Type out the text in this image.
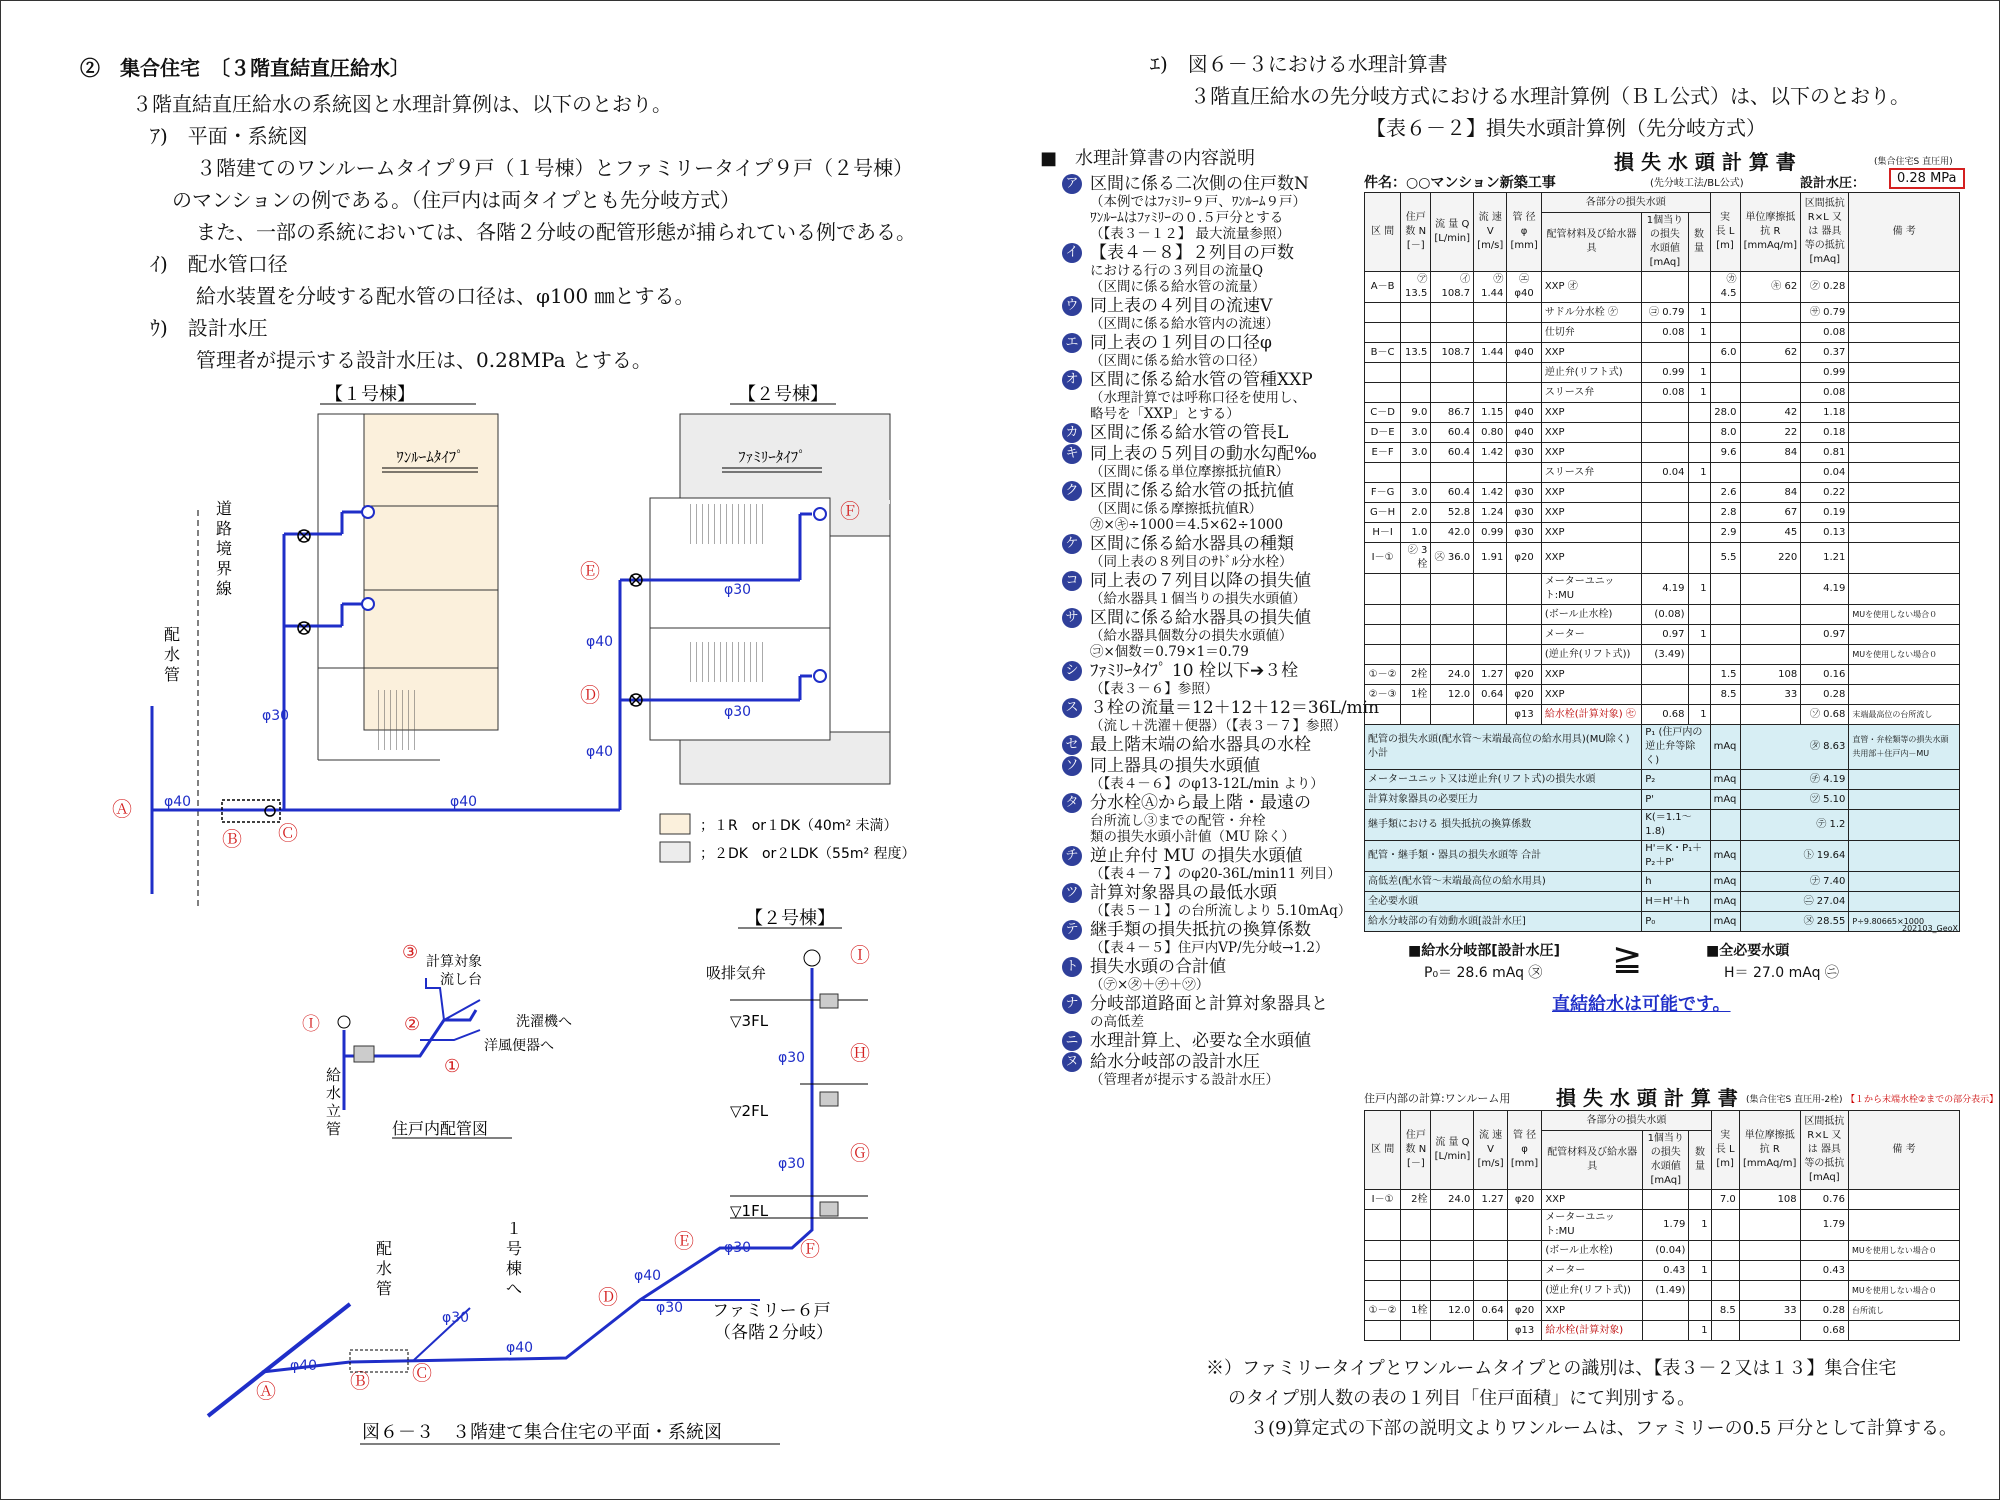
②　集合住宅　〔３階直結直圧給水〕
３階直結直圧給水の系統図と水理計算例は、以下のとおり。
ｱ)　平面・系統図
３階建てのワンルームタイプ９戸（１号棟）とファミリータイプ９戸（２号棟）
のマンションの例である。（住戸内は両タイプとも先分岐方式）
また、一部の系統においては、各階２分岐の配管形態が捕られている例である。
ｲ)　配水管口径
給水装置を分岐する配水管の口径は、φ100 ㎜とする。
ｳ)　設計水圧
管理者が提示する設計水圧は、0.28MPa とする。
【１号棟】
ﾜﾝﾙｰﾑﾀｲﾌﾟ
【２号棟】
ﾌｧﾐﾘｰﾀｲﾌﾟ
道
路
境
界
線
配
水
管
φ40	φ40
φ30
φ40
φ40
φ30
φ30
Ⓐ
Ⓑ Ⓒ
Ⓓ
Ⓔ
Ⓕ
；１R　or１DK（40m² 未満）
；２DK　or２LDK（55m² 程度）
計算対象
流し台
洗濯機へ
洋風便器へ
③
②
①
Ⓘ
給
水
立
管	住戸内配管図
【２号棟】
吸排気弁
▽3FL
▽2FL
▽1FL
φ30
φ30
φ30
φ40
φ30
φ40
φ40
φ30
Ⓘ
Ⓗ
Ⓖ
Ⓕ
Ⓔ
Ⓓ
Ⓒ
Ⓑ
Ⓐ
配
水
管
１
号
棟
へ
ファミリー６戸
（各階２分岐）
図６－３　３階建て集合住宅の平面・系統図
ｴ)　図６－３における水理計算書
３階直圧給水の先分岐方式における水理計算例（ＢＬ公式）は、以下のとおり。
【表６－２】損失水頭計算例（先分岐方式）
■　水理計算書の内容説明
ア 区間に係る二次側の住戸数N
（本例ではﾌｧﾐﾘｰ９戸、ﾜﾝﾙｰﾑ９戸）
ﾜﾝﾙｰﾑはﾌｧﾐﾘｰの０.５戸分とする
（【表３－１２】 最大流量参照）
イ 【表４－８】２列目の戸数
における行の３列目の流量Q
（区間に係る給水管の流量）
ウ 同上表の４列目の流速V
（区間に係る給水管内の流速）
エ 同上表の１列目の口径φ
（区間に係る給水管の口径）
オ 区間に係る給水管の管種XXP
（水理計算では呼称口径を使用し、
略号を「XXP」とする）
カ 区間に係る給水管の管長L
キ 同上表の５列目の動水勾配‰
（区間に係る単位摩擦抵抗値R）
ク 区間に係る給水管の抵抗値
（区間に係る摩擦抵抗値R）
㋕×㋖÷1000＝4.5×62÷1000
ケ 区間に係る給水器具の種類
（同上表の８列目のｻﾄﾞﾙ分水栓）
コ 同上表の７列目以降の損失値
（給水器具１個当りの損失水頭値）
サ 区間に係る給水器具の損失値
（給水器具個数分の損失水頭値）
㋙×個数＝0.79×1＝0.79
シ ﾌｧﾐﾘｰﾀｲﾌﾟ 10 栓以下➔３栓
（【表３－６】参照）
ス ３栓の流量＝12＋12＋12＝36L/min
（流し＋洗濯＋便器）（【表３－７】参照）
セ 最上階末端の給水器具の水栓
ソ 同上器具の損失水頭値
（【表４－６】のφ13-12L/min より）
タ 分水栓Ⓐから最上階・最遠の
台所流し③までの配管・弁栓
類の損失水頭小計値（MU 除く）
チ 逆止弁付 MU の損失水頭値
（【表４－７】のφ20-36L/min11 列目）
ツ 計算対象器具の最低水頭
（【表５－１】の台所流しより 5.10mAq）
テ 継手類の損失抵抗の換算係数
（【表４－５】住戸内VP/先分岐→1.2）
ト 損失水頭の合計値
（㋢×㋟＋㋠＋㋡）
ナ 分岐部道路面と計算対象器具と
の高低差
ニ 水理計算上、必要な全水頭値
ヌ 給水分岐部の設計水圧
（管理者が提示する設計水圧）
損 失 水 頭 計 算 書
(先分岐工法/BL公式)
(集合住宅S 直圧用)
件名：○○マンション新築工事	設計水圧：	0.28 MPa
区 間	住戸数 N [－]	流 量 Q [L/min]	流 速 V [m/s]	管 径 φ [mm]	各部分の損失水頭			実 長 L [m]	単位摩擦抵抗 R [mmAq/m]	区間抵抗 R×L 又は 器具等の抵抗 [mAq]	備 考
					配管材料及び給水器具	1個当りの損失水頭値 [mAq]	数量				
A－B	㋐ 13.5	㋑ 108.7	㋒ 1.44	㋓ φ40	XXP ㋔			㋕ 4.5	㋖ 62	㋗ 0.28	
					サドル分水栓 ㋘	㋙ 0.79	1			㋚ 0.79	
					仕切弁	0.08	1			0.08	
B－C	13.5	108.7	1.44	φ40	XXP			6.0	62	0.37	
					逆止弁(リフト式)	0.99	1			0.99	
					スリース弁	0.08	1			0.08	
C－D	9.0	86.7	1.15	φ40	XXP			28.0	42	1.18	
D－E	3.0	60.4	0.80	φ40	XXP			8.0	22	0.18	
E－F	3.0	60.4	1.42	φ30	XXP			9.6	84	0.81	
					スリース弁	0.04	1			0.04	
F－G	3.0	60.4	1.42	φ30	XXP			2.6	84	0.22	
G－H	2.0	52.8	1.24	φ30	XXP			2.8	67	0.19	
H－I	1.0	42.0	0.99	φ30	XXP			2.9	45	0.13	
I－①	㋛ 3栓	㋜ 36.0	1.91	φ20	XXP			5.5	220	1.21	
					メーターユニット:MU	4.19	1			4.19	
					(ボール止水栓)	(0.08)					MUを使用しない場合０
					メーター	0.97	1			0.97	
					(逆止弁(リフト式))	(3.49)					MUを使用しない場合０
①－②	2栓	24.0	1.27	φ20	XXP			1.5	108	0.16	
②－③	1栓	12.0	0.64	φ20	XXP			8.5	33	0.28	
				φ13	給水栓(計算対象) ㋝	0.68	1			㋞ 0.68	末端最高位の台所流し
配管の損失水頭(配水管～末端最高位の給水用具)(MU除く) 小計						P₁ (住戸内の逆止弁等除く)		mAq	㋟ 8.63		直管・弁栓類等の損失水頭 共用部＋住戸内－MU
メーターユニット又は逆止弁(リフト式)の損失水頭						P₂		mAq	㋠ 4.19		
計算対象器具の必要圧力						P'		mAq	㋡ 5.10		
継手類における 損失抵抗の換算係数						K(＝1.1～1.8)			㋢ 1.2		
配管・継手類・器具の損失水頭等 合計						H'＝K・P₁＋P₂＋P'		mAq	㋣ 19.64		
高低差(配水管～末端最高位の給水用具)						h		mAq	㋤ 7.40		
全必要水頭						H＝H'＋h		mAq	㋥ 27.04		
給水分岐部の有効動水頭[設計水圧]						P₀		mAq	㋦ 28.55		P÷9.80665×1000
202103_GeoX
■給水分岐部[設計水圧]
P₀＝ 28.6 mAq ㋦ ≧	■全必要水頭
H＝ 27.0 mAq ㋥
直結給水は可能です。
住戸内部の計算:ワンルーム用 損 失 水 頭 計 算 書 (集合住宅S 直圧用-2栓) 【１から末端水栓②までの部分表示】
区 間	住戸数 N [－]	流 量 Q [L/min]	流 速 V [m/s]	管 径 φ [mm]	各部分の損失水頭			実 長 L [m]	単位摩擦抵抗 R [mmAq/m]	区間抵抗 R×L 又は 器具等の抵抗 [mAq]	備 考
					配管材料及び給水器具	1個当りの損失水頭値 [mAq]	数量				
I－①	2栓	24.0	1.27	φ20	XXP			7.0	108	0.76	
					メーターユニット:MU	1.79	1			1.79	
					(ボール止水栓)	(0.04)					MUを使用しない場合０
					メーター	0.43	1			0.43	
					(逆止弁(リフト式))	(1.49)					MUを使用しない場合０
①－②	1栓	12.0	0.64	φ20	XXP			8.5	33	0.28	台所流し
				φ13	給水栓(計算対象)		1			0.68	
※）ファミリータイプとワンルームタイプとの識別は、【表３－２又は１３】集合住宅
のタイプ別人数の表の１列目「住戸面積」にて判別する。
３(9)算定式の下部の説明文よりワンルームは、ファミリーの0.5 戸分として計算する。
